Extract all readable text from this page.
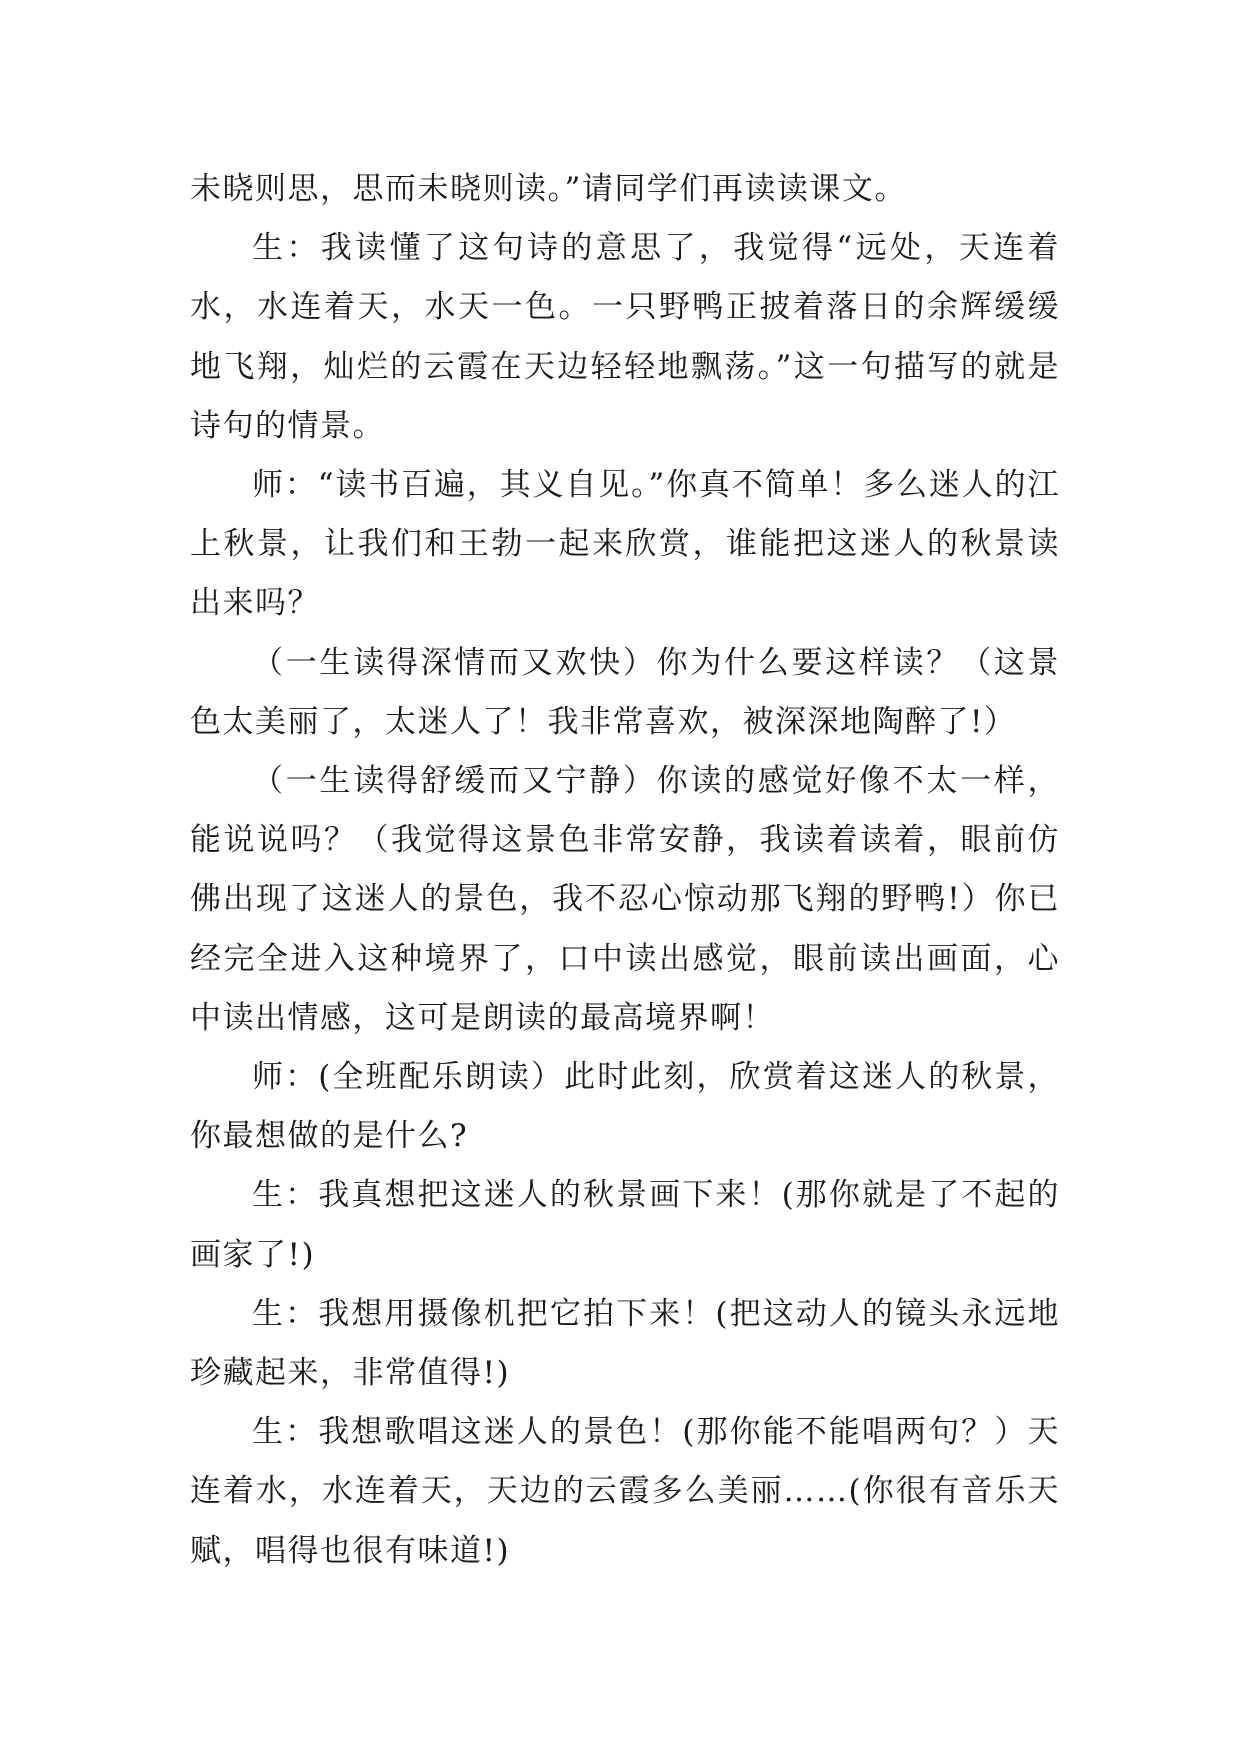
未晓则思，思而未晓则读。”请同学们再读读课文。

生：我读懂了这句诗的意思了，我觉得“远处，天连着水，水连着天，水天一色。一只野鸭正披着落日的余辉缓缓地飞翔，灿烂的云霞在天边轻轻地飘荡。”这一句描写的就是诗句的情景。

师：“读书百遍，其义自见。”你真不简单！多么迷人的江上秋景，让我们和王勃一起来欣赏，谁能把这迷人的秋景读出来吗？

（一生读得深情而又欢快）你为什么要这样读？（这景色太美丽了，太迷人了！我非常喜欢，被深深地陶醉了!）

（一生读得舒缓而又宁静）你读的感觉好像不太一样，能说说吗？（我觉得这景色非常安静，我读着读着，眼前仿佛出现了这迷人的景色，我不忍心惊动那飞翔的野鸭!）你已经完全进入这种境界了，口中读出感觉，眼前读出画面，心中读出情感，这可是朗读的最高境界啊！

师：(全班配乐朗读）此时此刻，欣赏着这迷人的秋景，你最想做的是什么?

生：我真想把这迷人的秋景画下来！(那你就是了不起的画家了!)

生：我想用摄像机把它拍下来！(把这动人的镜头永远地珍藏起来，非常值得!)

生：我想歌唱这迷人的景色！(那你能不能唱两句？）天连着水，水连着天，天边的云霞多么美丽……(你很有音乐天赋，唱得也很有味道!)
